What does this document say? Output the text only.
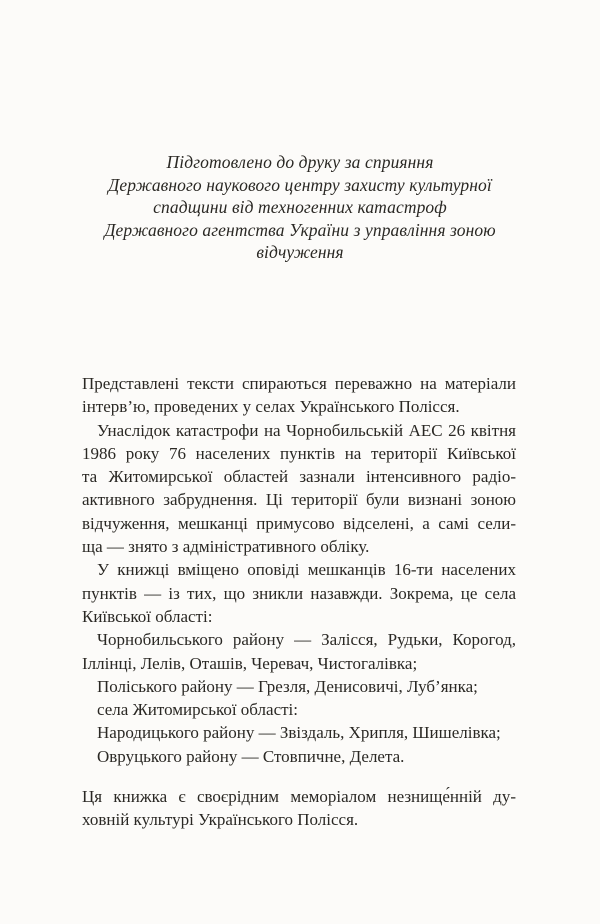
Підготовлено до друку за сприяння
Державного наукового центру захисту культурної
спадщини від техногенних катастроф
Державного агентства України з управління зоною
відчуження
Представлені тексти спираються переважно на матеріали
інтерв’ю, проведених у селах Українського Полісся.
Унаслідок катастрофи на Чорнобильській АЕС 26 квітня
1986 року 76 населених пунктів на території Київської
та Житомирської областей зазнали інтенсивного радіо-
активного забруднення. Ці території були визнані зоною
відчуження, мешканці примусово відселені, а самі сели-
ща — знято з адміністративного обліку.
У книжці вміщено оповіді мешканців 16-ти населених
пунктів — із тих, що зникли назавжди. Зокрема, це села
Київської області:
Чорнобильського району — Залісся, Рудьки, Корогод,
Іллінці, Лелів, Оташів, Черевач, Чистогалівка;
Поліського району — Грезля, Денисовичі, Луб’янка;
села Житомирської області:
Народицького району — Звіздаль, Хрипля, Шишелівка;
Овруцького району — Стовпичне, Делета.
Ця книжка є своєрідним меморіалом незнище́нній ду-
ховній культурі Українського Полісся.
